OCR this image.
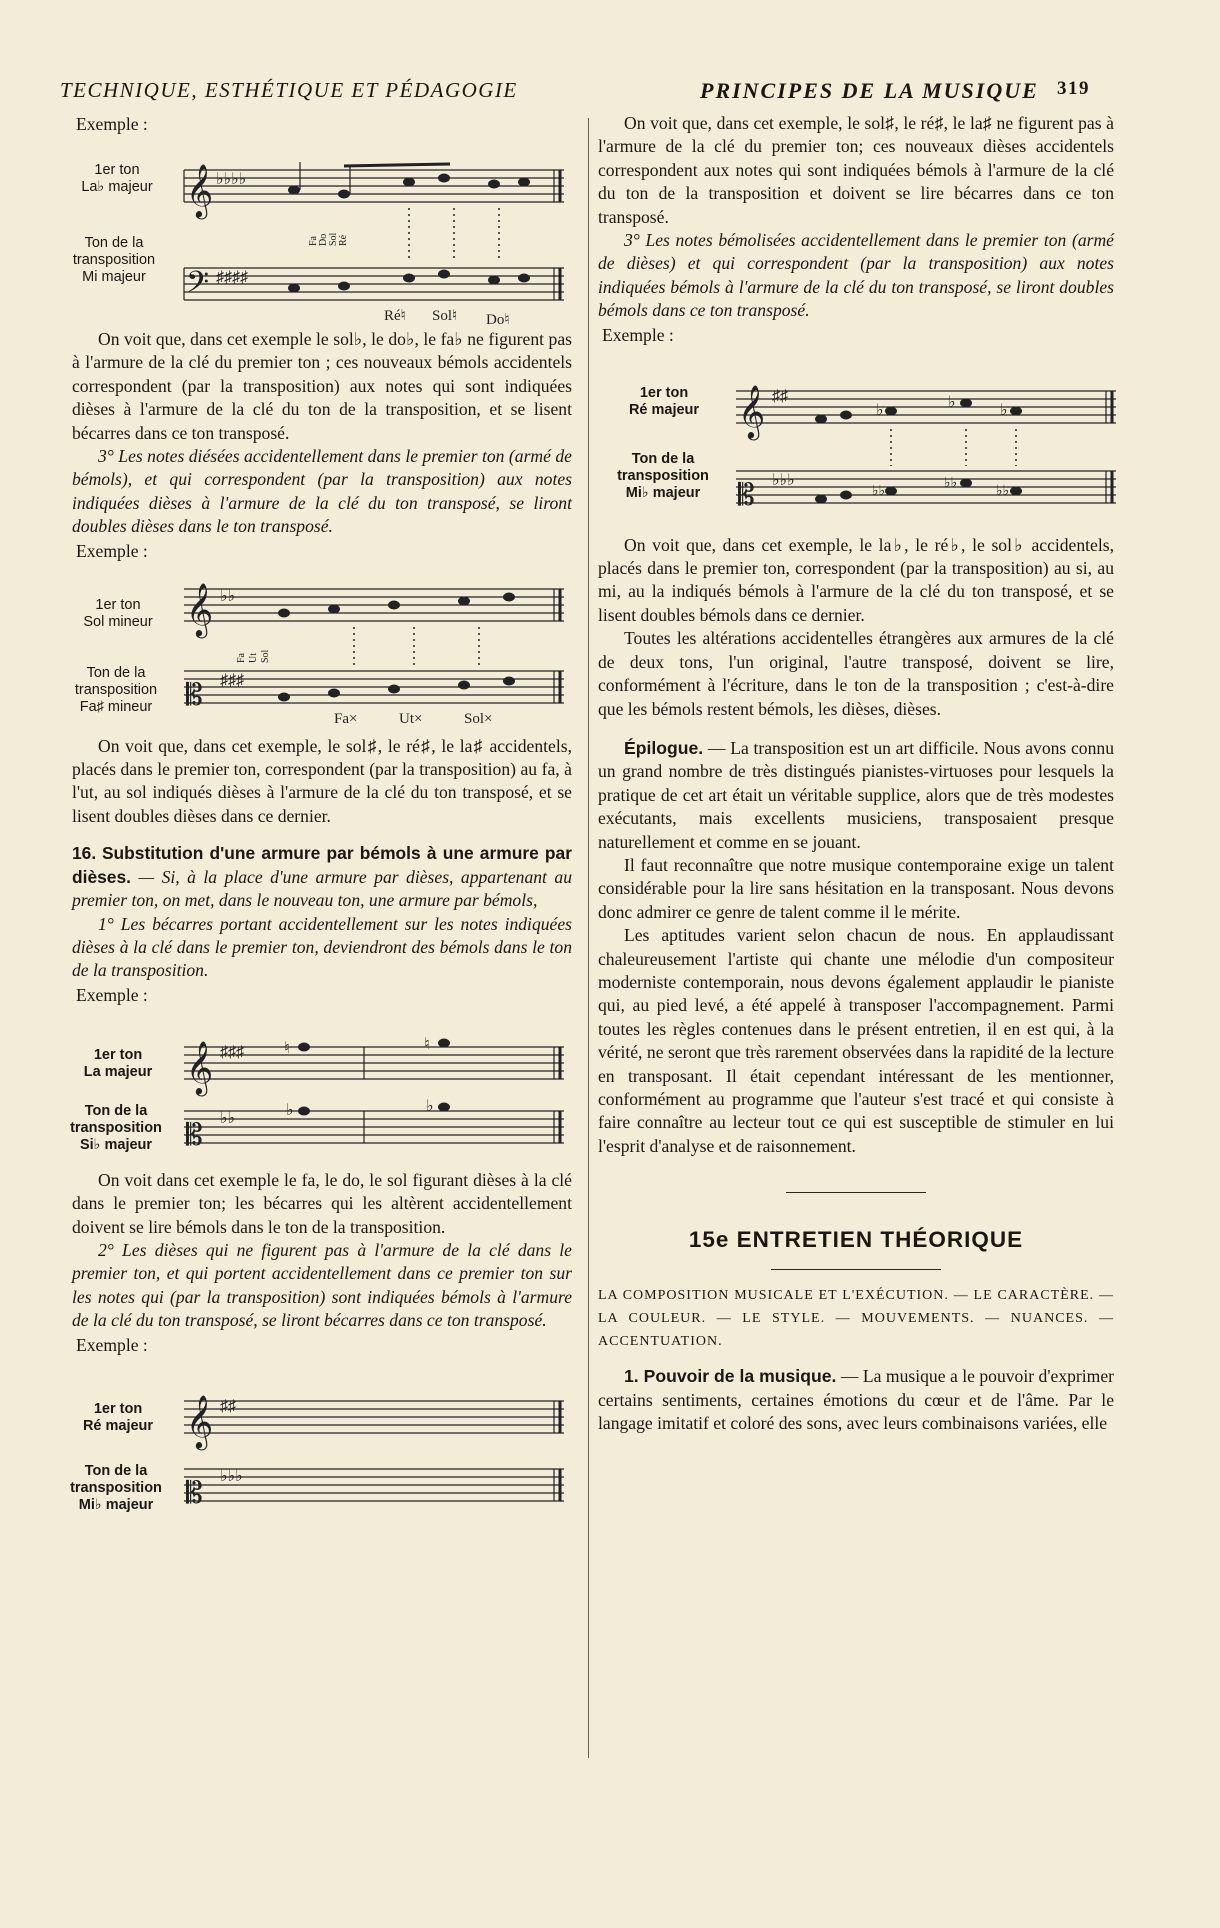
TECHNIQUE, ESTHÉTIQUE ET PÉDAGOGIE	PRINCIPES DE LA MUSIQUE 319

Exemple :

1er ton
La♭ majeur
Ton de la
transposition
Mi majeur
𝄞
𝄢
♭♭♭♭
♯♯♯♯
Fa Do Sol Ré
Ré♮ Sol♮ Do♮

On voit que, dans cet exemple le sol♭, le do♭, le fa♭ ne figurent pas à l'armure de la clé du premier ton ; ces nouveaux bémols accidentels correspondent (par la transposition) aux notes qui sont indiquées dièses à l'armure de la clé du ton de la transposition, et se lisent bécarres dans ce ton transposé.

3° Les notes diésées accidentellement dans le premier ton (armé de bémols), et qui correspondent (par la transposition) aux notes indiquées dièses à l'armure de la clé du ton transposé, se liront doubles dièses dans le ton transposé.

Exemple :

1er ton
Sol mineur
Ton de la
transposition
Fa♯ mineur
𝄞
𝄡
♭♭
♯♯♯
Fa Ut Sol
Fa×	Ut×	Sol×

On voit que, dans cet exemple, le sol♯, le ré♯, le la♯ accidentels, placés dans le premier ton, correspondent (par la transposition) au fa, à l'ut, au sol indiqués dièses à l'armure de la clé du ton transposé, et se lisent doubles dièses dans ce dernier.

16. Substitution d'une armure par bémols à une armure par dièses. — Si, à la place d'une armure par dièses, appartenant au premier ton, on met, dans le nouveau ton, une armure par bémols,

1° Les bécarres portant accidentellement sur les notes indiquées dièses à la clé dans le premier ton, deviendront des bémols dans le ton de la transposition.

Exemple :

1er ton
La majeur
Ton de la
transposition
Si♭ majeur
𝄞
𝄡
♯♯♯
♭♭
♮	♮
♭	♭

On voit dans cet exemple le fa, le do, le sol figurant dièses à la clé dans le premier ton; les bécarres qui les altèrent accidentellement doivent se lire bémols dans le ton de la transposition.

2° Les dièses qui ne figurent pas à l'armure de la clé dans le premier ton, et qui portent accidentellement dans ce premier ton sur les notes qui (par la transposition) sont indiquées bémols à l'armure de la clé du ton transposé, se liront bécarres dans ce ton transposé.

Exemple :

1er ton
Ré majeur
Ton de la
transposition
Mi♭ majeur
𝄞
𝄡
♯♯
♭♭♭

On voit que, dans cet exemple, le sol♯, le ré♯, le la♯ ne figurent pas à l'armure de la clé du premier ton; ces nouveaux dièses accidentels correspondent aux notes qui sont indiquées bémols à l'armure de la clé du ton de la transposition et doivent se lire bécarres dans ce ton transposé.

3° Les notes bémolisées accidentellement dans le premier ton (armé de dièses) et qui correspondent (par la transposition) aux notes indiquées bémols à l'armure de la clé du ton transposé, se liront doubles bémols dans ce ton transposé.

Exemple :

1er ton
Ré majeur
Ton de la
transposition
Mi♭ majeur
𝄞
𝄡
♯♯
♭♭♭
♭	♭	♭
♭♭
♭♭
♭♭

On voit que, dans cet exemple, le la♭, le ré♭, le sol♭ accidentels, placés dans le premier ton, correspondent (par la transposition) au si, au mi, au la indiqués bémols à l'armure de la clé du ton transposé, et se lisent doubles bémols dans ce dernier.

Toutes les altérations accidentelles étrangères aux armures de la clé de deux tons, l'un original, l'autre transposé, doivent se lire, conformément à l'écriture, dans le ton de la transposition ; c'est-à-dire que les bémols restent bémols, les dièses, dièses.

Épilogue. — La transposition est un art difficile. Nous avons connu un grand nombre de très distingués pianistes-virtuoses pour lesquels la pratique de cet art était un véritable supplice, alors que de très modestes exécutants, mais excellents musiciens, transposaient presque naturellement et comme en se jouant.

Il faut reconnaître que notre musique contemporaine exige un talent considérable pour la lire sans hésitation en la transposant. Nous devons donc admirer ce genre de talent comme il le mérite.

Les aptitudes varient selon chacun de nous. En applaudissant chaleureusement l'artiste qui chante une mélodie d'un compositeur moderniste contemporain, nous devons également applaudir le pianiste qui, au pied levé, a été appelé à transposer l'accompagnement. Parmi toutes les règles contenues dans le présent entretien, il en est qui, à la vérité, ne seront que très rarement observées dans la rapidité de la lecture en transposant. Il était cependant intéressant de les mentionner, conformément au programme que l'auteur s'est tracé et qui consiste à faire connaître au lecteur tout ce qui est susceptible de stimuler en lui l'esprit d'analyse et de raisonnement.

15e ENTRETIEN THÉORIQUE

LA COMPOSITION MUSICALE ET L'EXÉCUTION. — LE CARACTÈRE. — LA COULEUR. — LE STYLE. — MOUVEMENTS. — NUANCES. — ACCENTUATION.

1. Pouvoir de la musique. — La musique a le pouvoir d'exprimer certains sentiments, certaines émotions du cœur et de l'âme. Par le langage imitatif et coloré des sons, avec leurs combinaisons variées, elle
